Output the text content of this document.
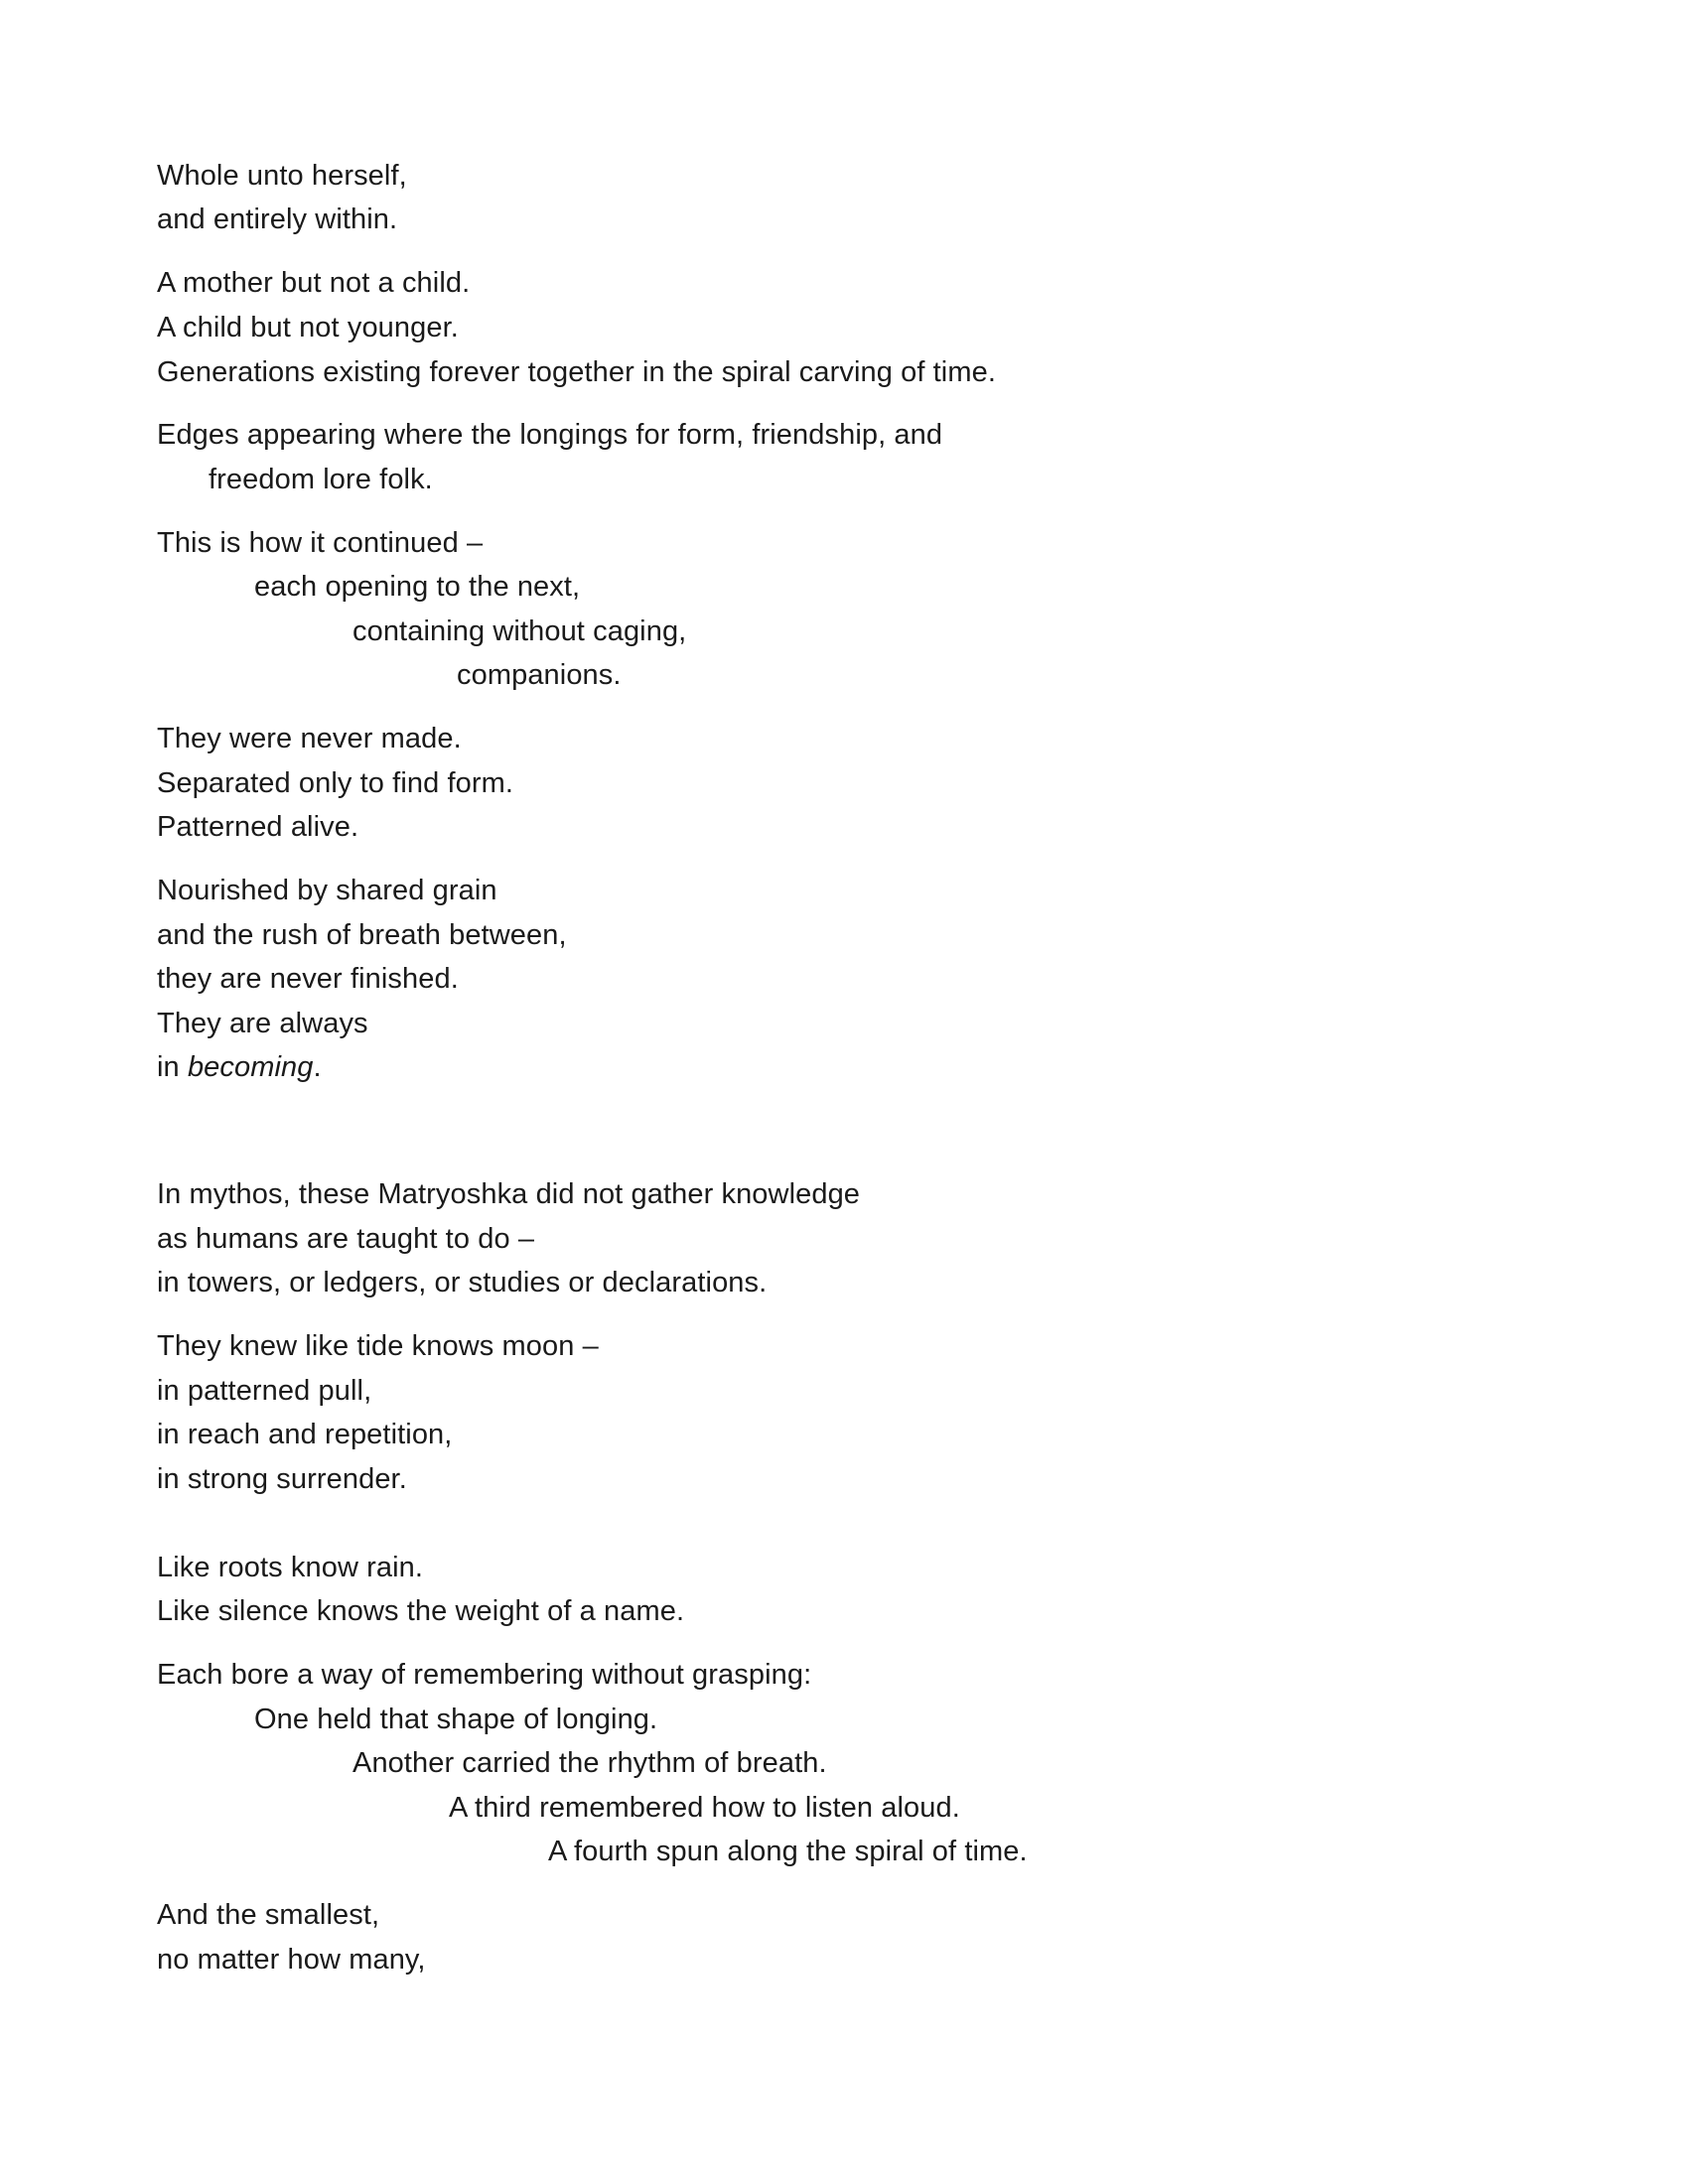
Whole unto herself,
and entirely within.
A mother but not a child.
A child but not younger.
Generations existing forever together in the spiral carving of time.
Edges appearing where the longings for form, friendship, and
freedom lore folk.
This is how it continued –
each opening to the next,
containing without caging,
companions.
They were never made.
Separated only to find form.
Patterned alive.
Nourished by shared grain
and the rush of breath between,
they are never finished.
They are always
in becoming.
In mythos, these Matryoshka did not gather knowledge
as humans are taught to do –
in towers, or ledgers, or studies or declarations.
They knew like tide knows moon –
in patterned pull,
in reach and repetition,
in strong surrender.
Like roots know rain.
Like silence knows the weight of a name.
Each bore a way of remembering without grasping:
One held that shape of longing.
Another carried the rhythm of breath.
A third remembered how to listen aloud.
A fourth spun along the spiral of time.
And the smallest,
no matter how many,
